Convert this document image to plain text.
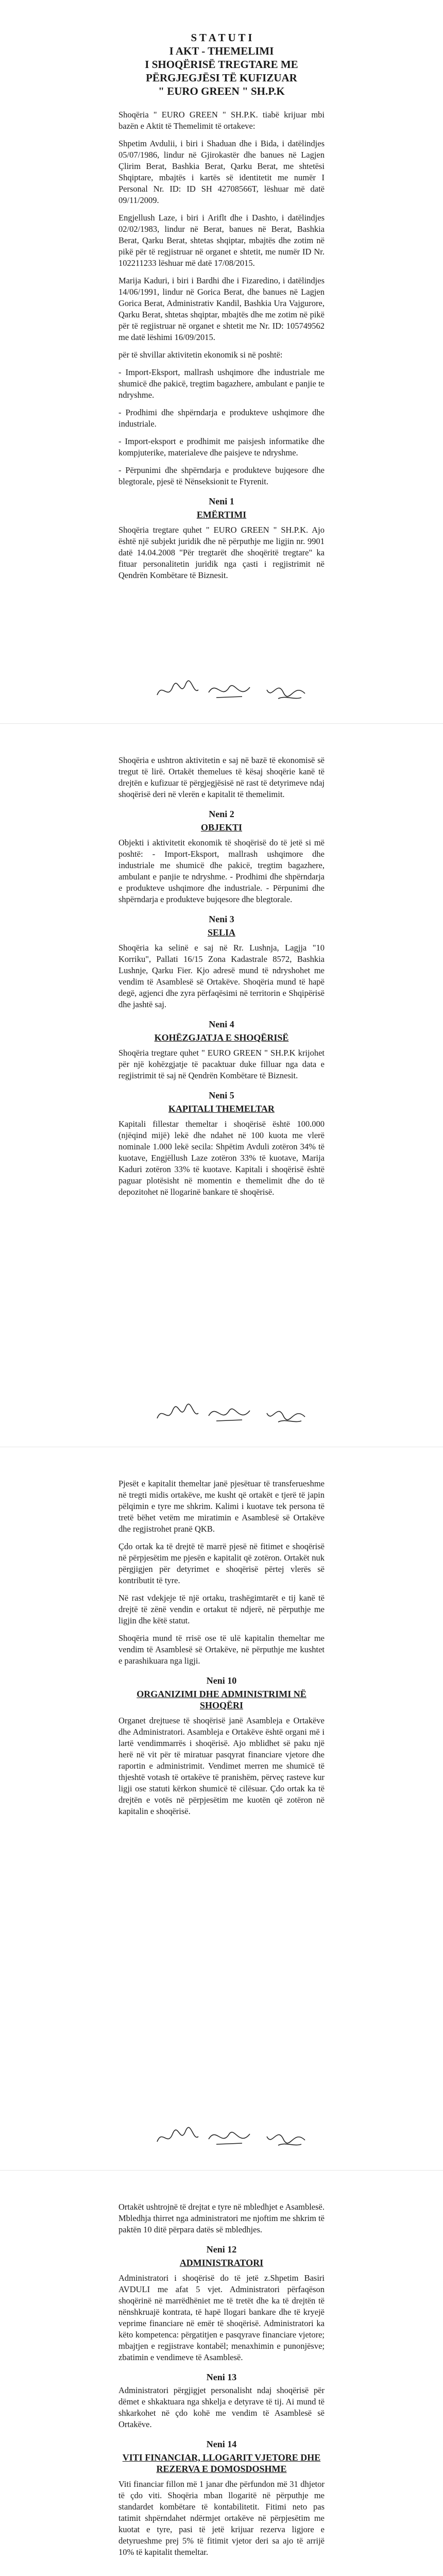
S T A T U T I

I AKT - THEMELIMI

I SHOQËRISË TREGTARE ME PËRGJEGJËSI TË KUFIZUAR

" EURO GREEN " SH.P.K

Shoqëria " EURO GREEN " SH.P.K. tiabë krijuar mbi bazën e Aktit të Themelimit të ortakeve:

Shpetim Avdulii, i biri i Shaduan dhe i Bida, i datëlindjes 05/07/1986, lindur në Gjirokastër dhe banues në Lagjen Çlirim Berat, Bashkia Berat, Qarku Berat, me shtetësi Shqiptare, mbajtës i kartës së identitetit me numër I Personal Nr. ID: ID SH 42708566T, lëshuar më datë 09/11/2009.

Engjellush Laze, i biri i Ariflt dhe i Dashto, i datëlindjes 02/02/1983, lindur në Berat, banues në Berat, Bashkia Berat, Qarku Berat, shtetas shqiptar, mbajtës dhe zotim në pikë për të regjistruar në organet e shtetit, me numër ID Nr. 102211233 lëshuar më datë 17/08/2015.

Marija Kaduri, i biri i Bardhi dhe i Fizaredino, i datëlindjes 14/06/1991, lindur në Gorica Berat, dhe banues në Lagjen Gorica Berat, Administrativ Kandil, Bashkia Ura Vajgurore, Qarku Berat, shtetas shqiptar, mbajtës dhe me zotim në pikë për të regjistruar në organet e shtetit me Nr. ID: 105749562 me datë lëshimi 16/09/2015.

për të shvillar aktivitetin ekonomik si në poshtë:

- Import-Eksport, mallrash ushqimore dhe industriale me shumicë dhe pakicë, tregtim bagazhere, ambulant e panjie te ndryshme.

- Prodhimi dhe shpërndarja e produkteve ushqimore dhe industriale.

- Import-eksport e prodhimit me paisjesh informatike dhe kompjuterike, materialeve dhe paisjeve te ndryshme.

- Përpunimi dhe shpërndarja e produkteve bujqesore dhe blegtorale, pjesë të Nënseksionit te Ftyrenit.

Neni 1

EMËRTIMI

Shoqëria tregtare quhet " EURO GREEN " SH.P.K. Ajo është një subjekt juridik dhe në përputhje me ligjin nr. 9901 datë 14.04.2008 "Për tregtarët dhe shoqëritë tregtare" ka fituar personalitetin juridik nga çasti i regjistrimit në Qendrën Kombëtare të Biznesit.

Shoqëria e ushtron aktivitetin e saj në bazë të ekonomisë së tregut të lirë. Ortakët themelues të kësaj shoqërie kanë të drejtën e kufizuar të përgjegjësisë në rast të detyrimeve ndaj shoqërisë deri në vlerën e kapitalit të themelimit.

Neni 2

OBJEKTI

Objekti i aktivitetit ekonomik të shoqërisë do të jetë si më poshtë: - Import-Eksport, mallrash ushqimore dhe industriale me shumicë dhe pakicë, tregtim bagazhere, ambulant e panjie te ndryshme. - Prodhimi dhe shpërndarja e produkteve ushqimore dhe industriale. - Përpunimi dhe shpërndarja e produkteve bujqesore dhe blegtorale.

Neni 3

SELIA

Shoqëria ka selinë e saj në Rr. Lushnja, Lagjja "10 Korriku", Pallati 16/15 Zona Kadastrale 8572, Bashkia Lushnje, Qarku Fier. Kjo adresë mund të ndryshohet me vendim të Asamblesë së Ortakëve. Shoqëria mund të hapë degë, agjenci dhe zyra përfaqësimi në territorin e Shqipërisë dhe jashtë saj.

Neni 4

KOHËZGJATJA E SHOQËRISË

Shoqëria tregtare quhet " EURO GREEN " SH.P.K krijohet për një kohëzgjatje të pacaktuar duke filluar nga data e regjistrimit të saj në Qendrën Kombëtare të Biznesit.

Neni 5

KAPITALI THEMELTAR

Kapitali fillestar themeltar i shoqërisë është 100.000 (njëqind mijë) lekë dhe ndahet në 100 kuota me vlerë nominale 1.000 lekë secila: Shpëtim Avduli zotëron 34% të kuotave, Engjëllush Laze zotëron 33% të kuotave, Marija Kaduri zotëron 33% të kuotave. Kapitali i shoqërisë është paguar plotësisht në momentin e themelimit dhe do të depozitohet në llogarinë bankare të shoqërisë.

Pjesët e kapitalit themeltar janë pjesëtuar të transferueshme në tregti midis ortakëve, me kusht që ortakët e tjerë të japin pëlqimin e tyre me shkrim. Kalimi i kuotave tek persona të tretë bëhet vetëm me miratimin e Asamblesë së Ortakëve dhe regjistrohet pranë QKB.

Çdo ortak ka të drejtë të marrë pjesë në fitimet e shoqërisë në përpjesëtim me pjesën e kapitalit që zotëron. Ortakët nuk përgjigjen për detyrimet e shoqërisë përtej vlerës së kontributit të tyre.

Në rast vdekjeje të një ortaku, trashëgimtarët e tij kanë të drejtë të zënë vendin e ortakut të ndjerë, në përputhje me ligjin dhe këtë statut.

Shoqëria mund të rrisë ose të ulë kapitalin themeltar me vendim të Asamblesë së Ortakëve, në përputhje me kushtet e parashikuara nga ligji.

Neni 10

ORGANIZIMI DHE ADMINISTRIMI NË SHOQËRI

Organet drejtuese të shoqërisë janë Asambleja e Ortakëve dhe Administratori. Asambleja e Ortakëve është organi më i lartë vendimmarrës i shoqërisë. Ajo mblidhet së paku një herë në vit për të miratuar pasqyrat financiare vjetore dhe raportin e administrimit. Vendimet merren me shumicë të thjeshtë votash të ortakëve të pranishëm, përveç rasteve kur ligji ose statuti kërkon shumicë të cilësuar. Çdo ortak ka të drejtën e votës në përpjesëtim me kuotën që zotëron në kapitalin e shoqërisë.

Ortakët ushtrojnë të drejtat e tyre në mbledhjet e Asamblesë. Mbledhja thirret nga administratori me njoftim me shkrim të paktën 10 ditë përpara datës së mbledhjes.

Neni 12

ADMINISTRATORI

Administratori i shoqërisë do të jetë z.Shpetim Basiri AVDULI me afat 5 vjet. Administratori përfaqëson shoqërinë në marrëdhëniet me të tretët dhe ka të drejtën të nënshkruajë kontrata, të hapë llogari bankare dhe të kryejë veprime financiare në emër të shoqërisë. Administratori ka këto kompetenca: përgatitjen e pasqyrave financiare vjetore; mbajtjen e regjistrave kontabël; menaxhimin e punonjësve; zbatimin e vendimeve të Asamblesë.

Neni 13

Administratori përgjigjet personalisht ndaj shoqërisë për dëmet e shkaktuara nga shkelja e detyrave të tij. Ai mund të shkarkohet në çdo kohë me vendim të Asamblesë së Ortakëve.

Neni 14

VITI FINANCIAR, LLOGARIT VJETORE DHE REZERVA E DOMOSDOSHME

Viti financiar fillon më 1 janar dhe përfundon më 31 dhjetor të çdo viti. Shoqëria mban llogaritë në përputhje me standardet kombëtare të kontabilitetit. Fitimi neto pas tatimit shpërndahet ndërmjet ortakëve në përpjesëtim me kuotat e tyre, pasi të jetë krijuar rezerva ligjore e detyrueshme prej 5% të fitimit vjetor deri sa ajo të arrijë 10% të kapitalit themeltar.
